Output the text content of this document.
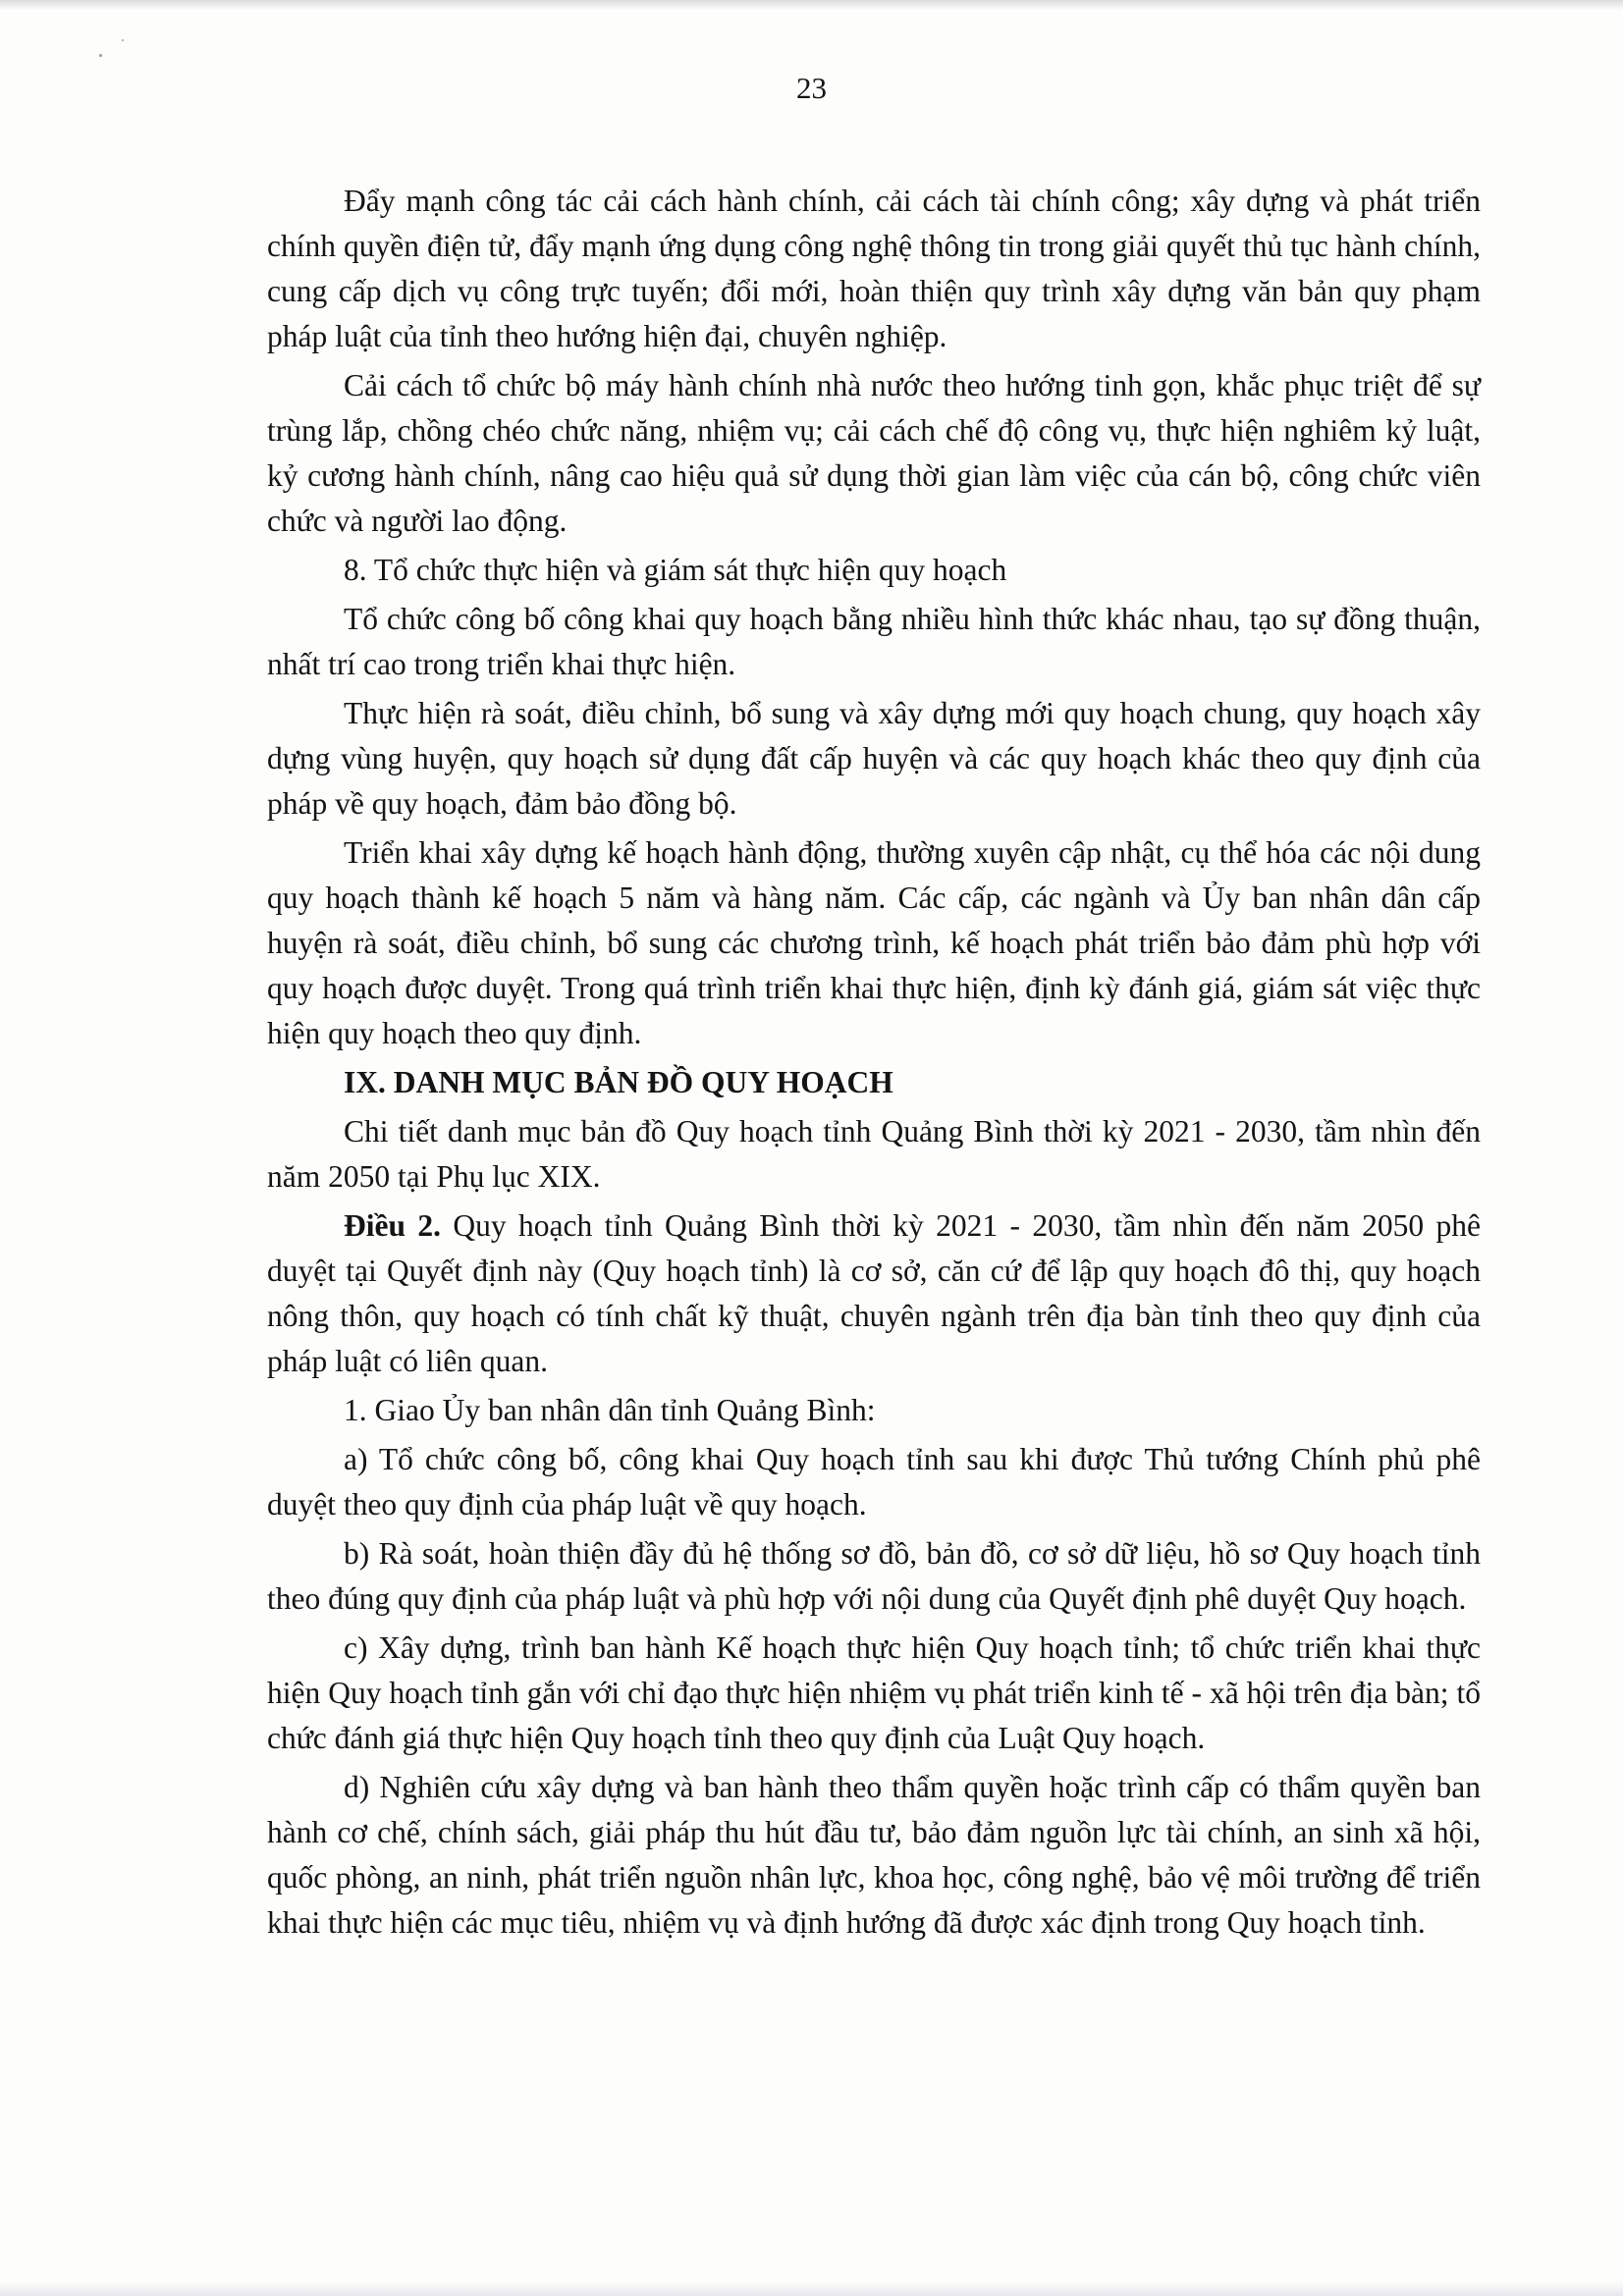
23

Đẩy mạnh công tác cải cách hành chính, cải cách tài chính công; xây dựng và phát triển chính quyền điện tử, đẩy mạnh ứng dụng công nghệ thông tin trong giải quyết thủ tục hành chính, cung cấp dịch vụ công trực tuyến; đổi mới, hoàn thiện quy trình xây dựng văn bản quy phạm pháp luật của tỉnh theo hướng hiện đại, chuyên nghiệp.

Cải cách tổ chức bộ máy hành chính nhà nước theo hướng tinh gọn, khắc phục triệt để sự trùng lắp, chồng chéo chức năng, nhiệm vụ; cải cách chế độ công vụ, thực hiện nghiêm kỷ luật, kỷ cương hành chính, nâng cao hiệu quả sử dụng thời gian làm việc của cán bộ, công chức viên chức và người lao động.

8. Tổ chức thực hiện và giám sát thực hiện quy hoạch

Tổ chức công bố công khai quy hoạch bằng nhiều hình thức khác nhau, tạo sự đồng thuận, nhất trí cao trong triển khai thực hiện.

Thực hiện rà soát, điều chỉnh, bổ sung và xây dựng mới quy hoạch chung, quy hoạch xây dựng vùng huyện, quy hoạch sử dụng đất cấp huyện và các quy hoạch khác theo quy định của pháp về quy hoạch, đảm bảo đồng bộ.

Triển khai xây dựng kế hoạch hành động, thường xuyên cập nhật, cụ thể hóa các nội dung quy hoạch thành kế hoạch 5 năm và hàng năm. Các cấp, các ngành và Ủy ban nhân dân cấp huyện rà soát, điều chỉnh, bổ sung các chương trình, kế hoạch phát triển bảo đảm phù hợp với quy hoạch được duyệt. Trong quá trình triển khai thực hiện, định kỳ đánh giá, giám sát việc thực hiện quy hoạch theo quy định.

IX. DANH MỤC BẢN ĐỒ QUY HOẠCH

Chi tiết danh mục bản đồ Quy hoạch tỉnh Quảng Bình thời kỳ 2021 - 2030, tầm nhìn đến năm 2050 tại Phụ lục XIX.

Điều 2. Quy hoạch tỉnh Quảng Bình thời kỳ 2021 - 2030, tầm nhìn đến năm 2050 phê duyệt tại Quyết định này (Quy hoạch tỉnh) là cơ sở, căn cứ để lập quy hoạch đô thị, quy hoạch nông thôn, quy hoạch có tính chất kỹ thuật, chuyên ngành trên địa bàn tỉnh theo quy định của pháp luật có liên quan.

1. Giao Ủy ban nhân dân tỉnh Quảng Bình:

a) Tổ chức công bố, công khai Quy hoạch tỉnh sau khi được Thủ tướng Chính phủ phê duyệt theo quy định của pháp luật về quy hoạch.

b) Rà soát, hoàn thiện đầy đủ hệ thống sơ đồ, bản đồ, cơ sở dữ liệu, hồ sơ Quy hoạch tỉnh theo đúng quy định của pháp luật và phù hợp với nội dung của Quyết định phê duyệt Quy hoạch.

c) Xây dựng, trình ban hành Kế hoạch thực hiện Quy hoạch tỉnh; tổ chức triển khai thực hiện Quy hoạch tỉnh gắn với chỉ đạo thực hiện nhiệm vụ phát triển kinh tế - xã hội trên địa bàn; tổ chức đánh giá thực hiện Quy hoạch tỉnh theo quy định của Luật Quy hoạch.

d) Nghiên cứu xây dựng và ban hành theo thẩm quyền hoặc trình cấp có thẩm quyền ban hành cơ chế, chính sách, giải pháp thu hút đầu tư, bảo đảm nguồn lực tài chính, an sinh xã hội, quốc phòng, an ninh, phát triển nguồn nhân lực, khoa học, công nghệ, bảo vệ môi trường để triển khai thực hiện các mục tiêu, nhiệm vụ và định hướng đã được xác định trong Quy hoạch tỉnh.
